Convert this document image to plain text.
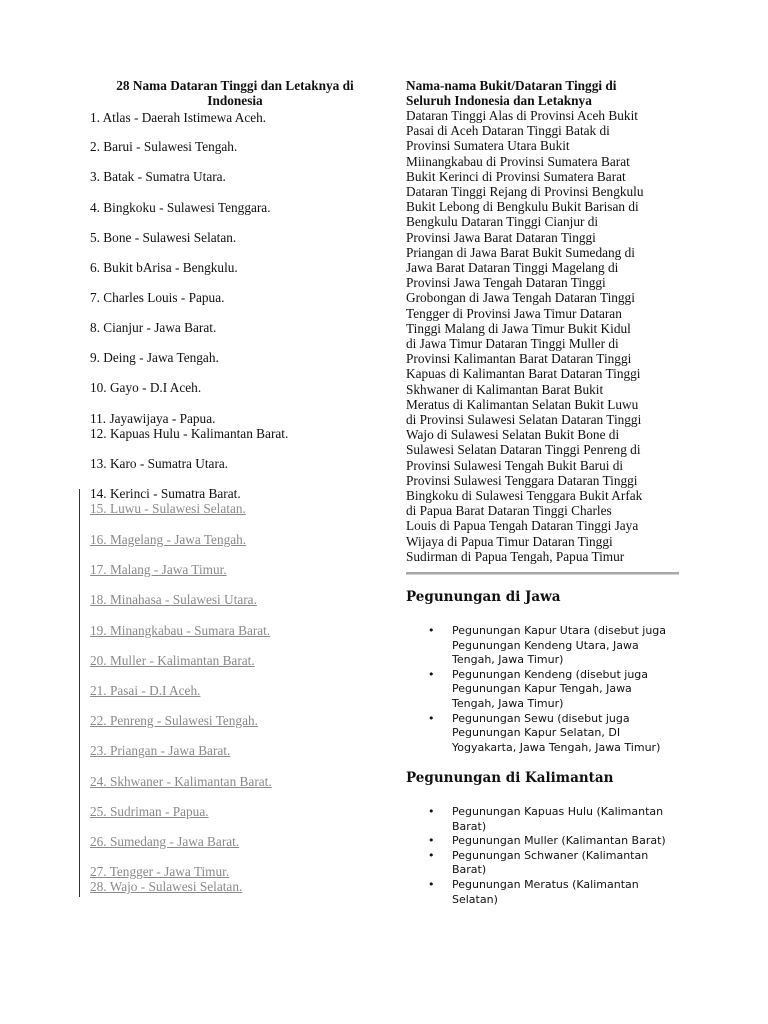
28 Nama Dataran Tinggi dan Letaknya di Indonesia
1. Atlas - Daerah Istimewa Aceh.
2. Barui - Sulawesi Tengah.
3. Batak - Sumatra Utara.
4. Bingkoku - Sulawesi Tenggara.
5. Bone - Sulawesi Selatan.
6. Bukit bArisa - Bengkulu.
7. Charles Louis - Papua.
8. Cianjur - Jawa Barat.
9. Deing - Jawa Tengah.
10. Gayo - D.I Aceh.
11. Jayawijaya - Papua.
12. Kapuas Hulu - Kalimantan Barat.
13. Karo - Sumatra Utara.
14. Kerinci - Sumatra Barat.
15. Luwu - Sulawesi Selatan.
16. Magelang - Jawa Tengah.
17. Malang - Jawa Timur.
18. Minahasa - Sulawesi Utara.
19. Minangkabau - Sumara Barat.
20. Muller - Kalimantan Barat.
21. Pasai - D.I Aceh.
22. Penreng - Sulawesi Tengah.
23. Priangan - Jawa Barat.
24. Skhwaner - Kalimantan Barat.
25. Sudriman - Papua.
26. Sumedang - Jawa Barat.
27. Tengger - Jawa Timur.
28. Wajo - Sulawesi Selatan.
Nama-nama Bukit/Dataran Tinggi di
Seluruh Indonesia dan Letaknya

Dataran Tinggi Alas di Provinsi Aceh Bukit
Pasai di Aceh Dataran Tinggi Batak di
Provinsi Sumatera Utara Bukit
Miinangkabau di Provinsi Sumatera Barat
Bukit Kerinci di Provinsi Sumatera Barat
Dataran Tinggi Rejang di Provinsi Bengkulu
Bukit Lebong di Bengkulu Bukit Barisan di
Bengkulu Dataran Tinggi Cianjur di
Provinsi Jawa Barat Dataran Tinggi
Priangan di Jawa Barat Bukit Sumedang di
Jawa Barat Dataran Tinggi Magelang di
Provinsi Jawa Tengah Dataran Tinggi
Grobongan di Jawa Tengah Dataran Tinggi
Tengger di Provinsi Jawa Timur Dataran
Tinggi Malang di Jawa Timur Bukit Kidul
di Jawa Timur Dataran Tinggi Muller di
Provinsi Kalimantan Barat Dataran Tinggi
Kapuas di Kalimantan Barat Dataran Tinggi
Skhwaner di Kalimantan Barat Bukit
Meratus di Kalimantan Selatan Bukit Luwu
di Provinsi Sulawesi Selatan Dataran Tinggi
Wajo di Sulawesi Selatan Bukit Bone di
Sulawesi Selatan Dataran Tinggi Penreng di
Provinsi Sulawesi Tengah Bukit Barui di
Provinsi Sulawesi Tenggara Dataran Tinggi
Bingkoku di Sulawesi Tenggara Bukit Arfak
di Papua Barat Dataran Tinggi Charles
Louis di Papua Tengah Dataran Tinggi Jaya
Wijaya di Papua Timur Dataran Tinggi
Sudirman di Papua Tengah, Papua Timur

Pegunungan di Jawa
• Pegunungan Kapur Utara (disebut juga Pegunungan Kendeng Utara, Jawa Tengah, Jawa Timur)
• Pegunungan Kendeng (disebut juga Pegunungan Kapur Tengah, Jawa Tengah, Jawa Timur)
• Pegunungan Sewu (disebut juga Pegunungan Kapur Selatan, DI Yogyakarta, Jawa Tengah, Jawa Timur)
Pegunungan di Kalimantan
• Pegunungan Kapuas Hulu (Kalimantan Barat)
• Pegunungan Muller (Kalimantan Barat)
• Pegunungan Schwaner (Kalimantan Barat)
• Pegunungan Meratus (Kalimantan Selatan)
